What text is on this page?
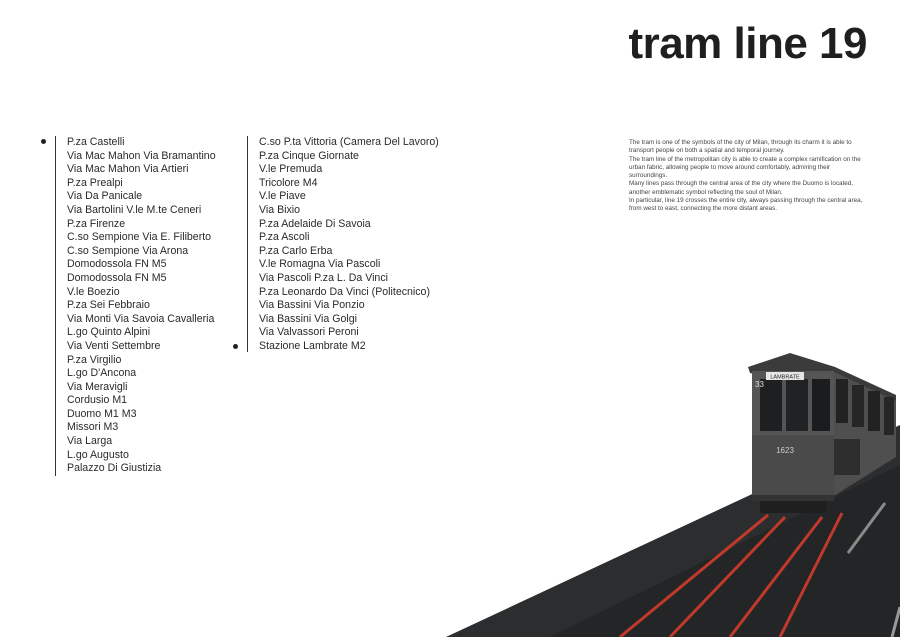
tram line 19
P.za Castelli
Via Mac Mahon Via Bramantino
Via Mac Mahon Via Artieri
P.za Prealpi
Via Da Panicale
Via Bartolini V.le M.te Ceneri
P.za Firenze
C.so Sempione Via E. Filiberto
C.so Sempione Via Arona
Domodossola FN M5
Domodossola FN M5
V.le Boezio
P.za Sei Febbraio
Via Monti Via Savoia Cavalleria
L.go Quinto Alpini
Via Venti Settembre
P.za Virgilio
L.go D'Ancona
Via Meravigli
Cordusio M1
Duomo M1 M3
Missori M3
Via Larga
L.go Augusto
Palazzo Di Giustizia
C.so P.ta Vittoria (Camera Del Lavoro)
P.za Cinque Giornate
V.le Premuda
Tricolore M4
V.le Piave
Via Bixio
P.za Adelaide Di Savoia
P.za Ascoli
P.za Carlo Erba
V.le Romagna Via Pascoli
Via Pascoli P.za L. Da Vinci
P.za Leonardo Da Vinci (Politecnico)
Via Bassini Via Ponzio
Via Bassini Via Golgi
Via Valvassori Peroni
Stazione Lambrate M2

The tram is one of the symbols of the city of Milan, through its charm it is able to transport people on both a spatial and temporal journey.

The tram line of the metropolitan city is able to create a complex ramification on the urban fabric, allowing people to move around comfortably, admiring their surroundings.

Many lines pass through the central area of the city where the Duomo is located, another emblematic symbol reflecting the soul of Milan.

In particular, line 19 crosses the entire city, always passing through the central area, from west to east, connecting the more distant areas.

LAMBRATE
33
1623
